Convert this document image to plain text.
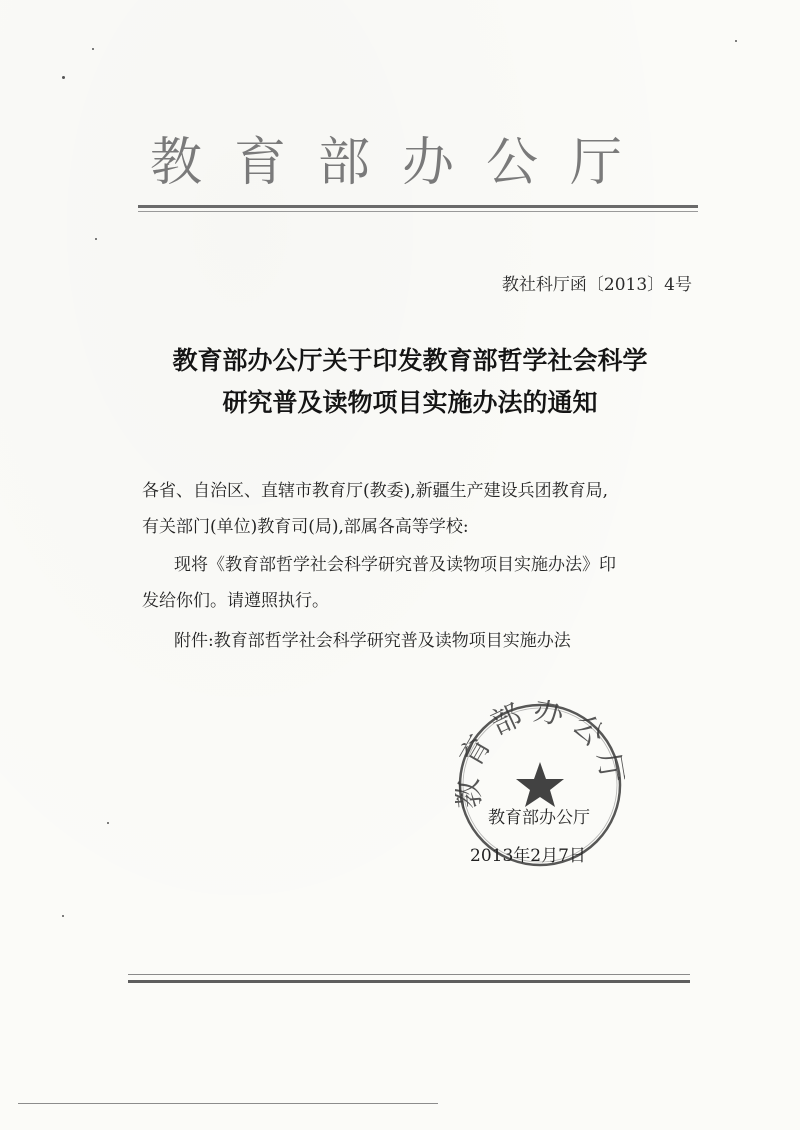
教育部办公厅
教社科厅函〔2013〕4号
教育部办公厅关于印发教育部哲学社会科学
研究普及读物项目实施办法的通知
各省、自治区、直辖市教育厅(教委),新疆生产建设兵团教育局,
有关部门(单位)教育司(局),部属各高等学校:
现将《教育部哲学社会科学研究普及读物项目实施办法》印
发给你们。请遵照执行。
附件:教育部哲学社会科学研究普及读物项目实施办法
育部办公
教育部办公厅
2013年2月7日
